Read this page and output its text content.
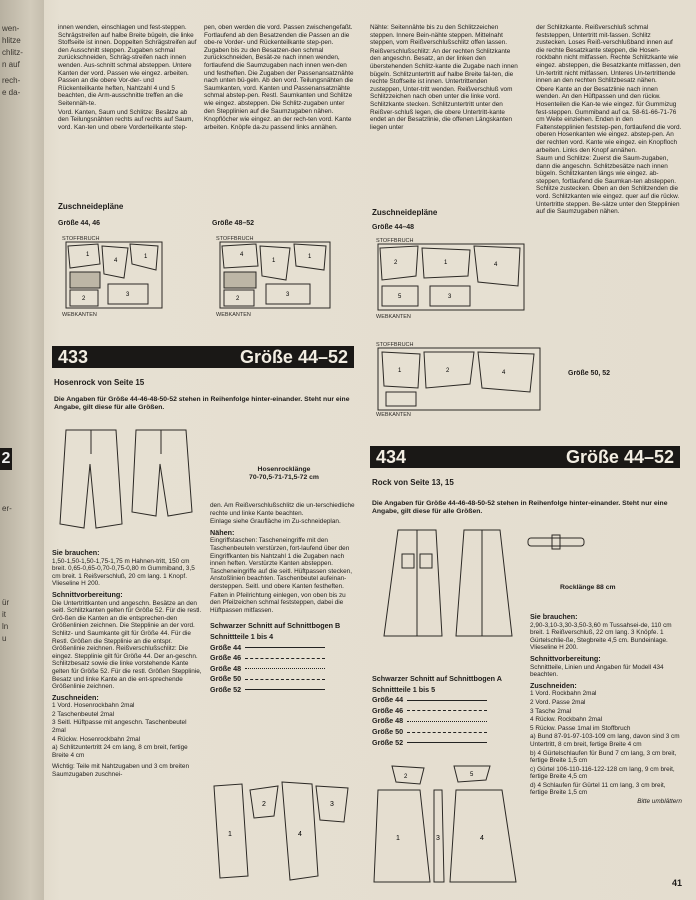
wen-
hlitze
chlitz-
n auf
rech-
e da-
2
er-
ür
it
ln
u

innen wenden, einschlagen und fest-steppen. Schrägstreifen auf halbe Breite bügeln, die linke Stoffseite ist innen. Doppelten Schrägstreifen auf den Ausschnitt steppen. Zugaben schmal zurückschneiden, Schräg-streifen nach innen wenden. Aus-schnitt schmal absteppen. Untere Kanten der vord. Passen wie eingez. arbeiten. Passen an die obere Vor-der- und Rückenteilkante heften, Nahtzahl 4 und 5 beachten, die Arm-ausschnitte treffen an die Seitennäh-te.

Vord. Kanten, Saum und Schlitze: Besätze ab den Teilungsnähten rechts auf rechts auf Saum, vord. Kan-ten und obere Vorderteilkante step-

pen, oben werden die vord. Passen zwischengefaßt. Fortlaufend ab den Besatzenden die Passen an die obe-re Vorder- und Rückenteilkante step-pen. Zugaben bis zu den Besatzen-den schmal zurückschneiden, Besät-ze nach innen wenden, fortlaufend die Saumzugaben nach innen wen-den und festheften. Die Zugaben der Passenansatznähte nach unten bü-geln. Ab den vord. Teilungsnähten die Saumkanten, vord. Kanten und Passenansatznähte schmal abstep-pen. Restl. Saumkanten und Schlitze wie eingez. absteppen. Die Schlitz-zugaben unter den Stepplinien auf die Saumzugaben nähen.

Knopflöcher wie eingez. an der rech-ten vord. Kante arbeiten. Knöpfe da-zu passend links annähen.

Nähte: Seitennähte bis zu den Schlitzzeichen steppen. Innere Bein-nähte steppen. Mittelnaht steppen, vom Reißverschlußschlitz offen lassen.

Reißverschlußschlitz: An der rechten Schlitzkante den angeschn. Besatz, an der linken den überstehenden Schlitz-kante die Zugabe nach innen bügeln. Schlitzuntertritt auf halbe Breite fal-ten, die rechte Stoffseite ist innen. Untertrittenden zusteppen, Unter-tritt wenden. Reißverschluß vom Schlitzzeichen nach oben unter die linke vord. Schlitzkante stecken. Schlitzuntertritt unter den Reißver-schluß legen, die obere Untertritt-kante endet an der Besatzlinie, die offenen Längskanten liegen unter

der Schlitzkante. Reißverschluß schmal feststeppen, Untertritt mit-fassen. Schlitz zustecken. Loses Reiß-verschlußband innen auf die rechte Besatzkante steppen, die Hosen-rockbahn nicht mitfassen. Rechte Schlitzkante wie eingez. absteppen, die Besatzkante mitfassen, den Un-tertritt nicht mitfassen. Unteres Un-tertrittende innen an den rechten Schlitzbesatz nähen.

Obere Kante an der Besatzlinie nach innen wenden. An den Hüftpassen und den rückw. Hosenteilen die Kan-te wie eingez. für Gummizug fest-steppen. Gummiband auf ca. 58-61-66-71-76 cm Weite einziehen. Enden in den Faltenstepplinien feststep-pen, fortlaufend die vord. oberen Hosenkanten wie eingez. abstep-pen. An der rechten vord. Kante wie eingez. ein Knopfloch arbeiten. Links den Knopf annähen.

Saum und Schlitze: Zuerst die Saum-zugaben, dann die angeschn. Schlitzbesätze nach innen bügeln. Schlitzkanten längs wie eingez. ab-steppen, fortlaufend die Saumkan-ten absteppen. Schlitze zustecken. Oben an den Schlitzenden die vord. Schlitzkanten wie eingez. quer auf die rückw. Untertritte steppen. Be-sätze unter den Stepplinien auf die Saumzugaben nähen.

Zuschneidepläne
Größe 44, 46	Größe 48–52
1
4
1
2
3
STOFFBRUCH
WEBKANTEN
4
1
1
2
3
STOFFBRUCH
WEBKANTEN
Zuschneidepläne
Größe 44–48
2	1	4
5	3
STOFFBRUCH
WEBKANTEN
1	2	4
STOFFBRUCH
WEBKANTEN
Größe 50, 52
433	Größe 44–52
Hosenrock von Seite 15
Die Angaben für Größe 44-46-48-50-52 stehen in Reihenfolge hinter-einander. Steht nur eine Angabe, gilt diese für alle Größen.
Hosenrocklänge
70-70,5-71-71,5-72 cm
Sie brauchen:

1,50-1,50-1,50-1,75-1,75 m Hahnen-tritt, 150 cm breit. 0,65-0,65-0,70-0,75-0,80 m Gummiband, 3,5 cm breit. 1 Reißverschluß, 20 cm lang. 1 Knopf. Vlieseline H 200.

Schnittvorbereitung:

Die Untertrittkanten und angeschn. Besätze an den seitl. Schlitzkanten gelten für Größe 52. Für die restl. Grö-ßen die Kanten an die entsprechen-den Größenlinien zeichnen. Die Stepplinie an der vord. Schlitz- und Saumkante gilt für Größe 44. Für die Restl. Größen die Stepplinie an die entspr. Größenlinie zeichnen. Reißverschlußschlitz: Die eingez. Stepplinie gilt für Größe 44. Der an-geschn. Schlitzbesatz sowie die linke vorstehende Kante gelten für Größe 52. Für die restl. Größen Stepplinie, Besatz und linke Kante an die ent-sprechende Größenlinie zeichnen.

Zuschneiden:

1 Vord. Hosenrockbahn 2mal

2 Taschenbeutel 2mal

3 Seitl. Hüftpasse mit angeschn. Taschenbeutel 2mal

4 Rückw. Hosenrockbahn 2mal

a) Schlitzuntertritt 24 cm lang, 8 cm breit, fertige Breite 4 cm

Wichtig: Teile mit Nahtzugaben und 3 cm breiten Saumzugaben zuschnei-

den. Am Reißverschlußschlitz die un-terschiedliche rechte und linke Kante beachten.

Einlage siehe Graufläche im Zu-schneideplan.

Nähen:

Eingriffstaschen: Tascheneingriffe mit den Taschenbeuteln verstürzen, fort-laufend über den Eingriffkanten bis Nahtzahl 1 die Zugaben nach innen heften. Verstürzte Kanten absteppen. Tascheneingriffe auf die seitl. Hüftpassen stecken, Anstoßlinien beachten. Taschenbeutel aufeinan-dersteppen. Seitl. und obere Kanten festheften.

Falten in Pfeilrichtung einlegen, von oben bis zu den Pfeilzeichen schmal feststeppen, dabei die Hüftpassen mitfassen.

Schwarzer Schnitt auf Schnittbogen B
Schnittteile 1 bis 4
Größe 44
Größe 46
Größe 48
Größe 50
Größe 52
1
2
4
3
434	Größe 44–52
Rock von Seite 13, 15
Die Angaben für Größe 44-46-48-50-52 stehen in Reihenfolge hinter-einander. Steht nur eine Angabe, gilt diese für alle Größen.
Rocklänge 88 cm
Schwarzer Schnitt auf Schnittbogen A
Schnittteile 1 bis 5
Größe 44
Größe 46
Größe 48
Größe 50
Größe 52
2	5
1	3	4
Sie brauchen:

2,90-3,10-3,30-3,50-3,60 m Tussahsei-de, 110 cm breit. 1 Reißverschluß, 22 cm lang. 3 Knöpfe. 1 Gürtelschlie-ße, Stegbreite 4,5 cm. Bundeinlage. Vlieseline H 200.

Schnittvorbereitung:

Schnittteile, Linien und Angaben für Modell 434 beachten.

Zuschneiden:

1 Vord. Rockbahn 2mal

2 Vord. Passe 2mal

3 Tasche 2mal

4 Rückw. Rockbahn 2mal

5 Rückw. Passe 1mal im Stoffbruch

a) Bund 87-91-97-103-109 cm lang, davon sind 3 cm Untertritt, 8 cm breit, fertige Breite 4 cm

b) 4 Gürtelschlaufen für Bund 7 cm lang, 3 cm breit, fertige Breite 1,5 cm

c) Gürtel 106-110-116-122-128 cm lang, 9 cm breit, fertige Breite 4,5 cm

d) 4 Schlaufen für Gürtel 11 cm lang, 3 cm breit, fertige Breite 1,5 cm

Bitte umblättern

41
